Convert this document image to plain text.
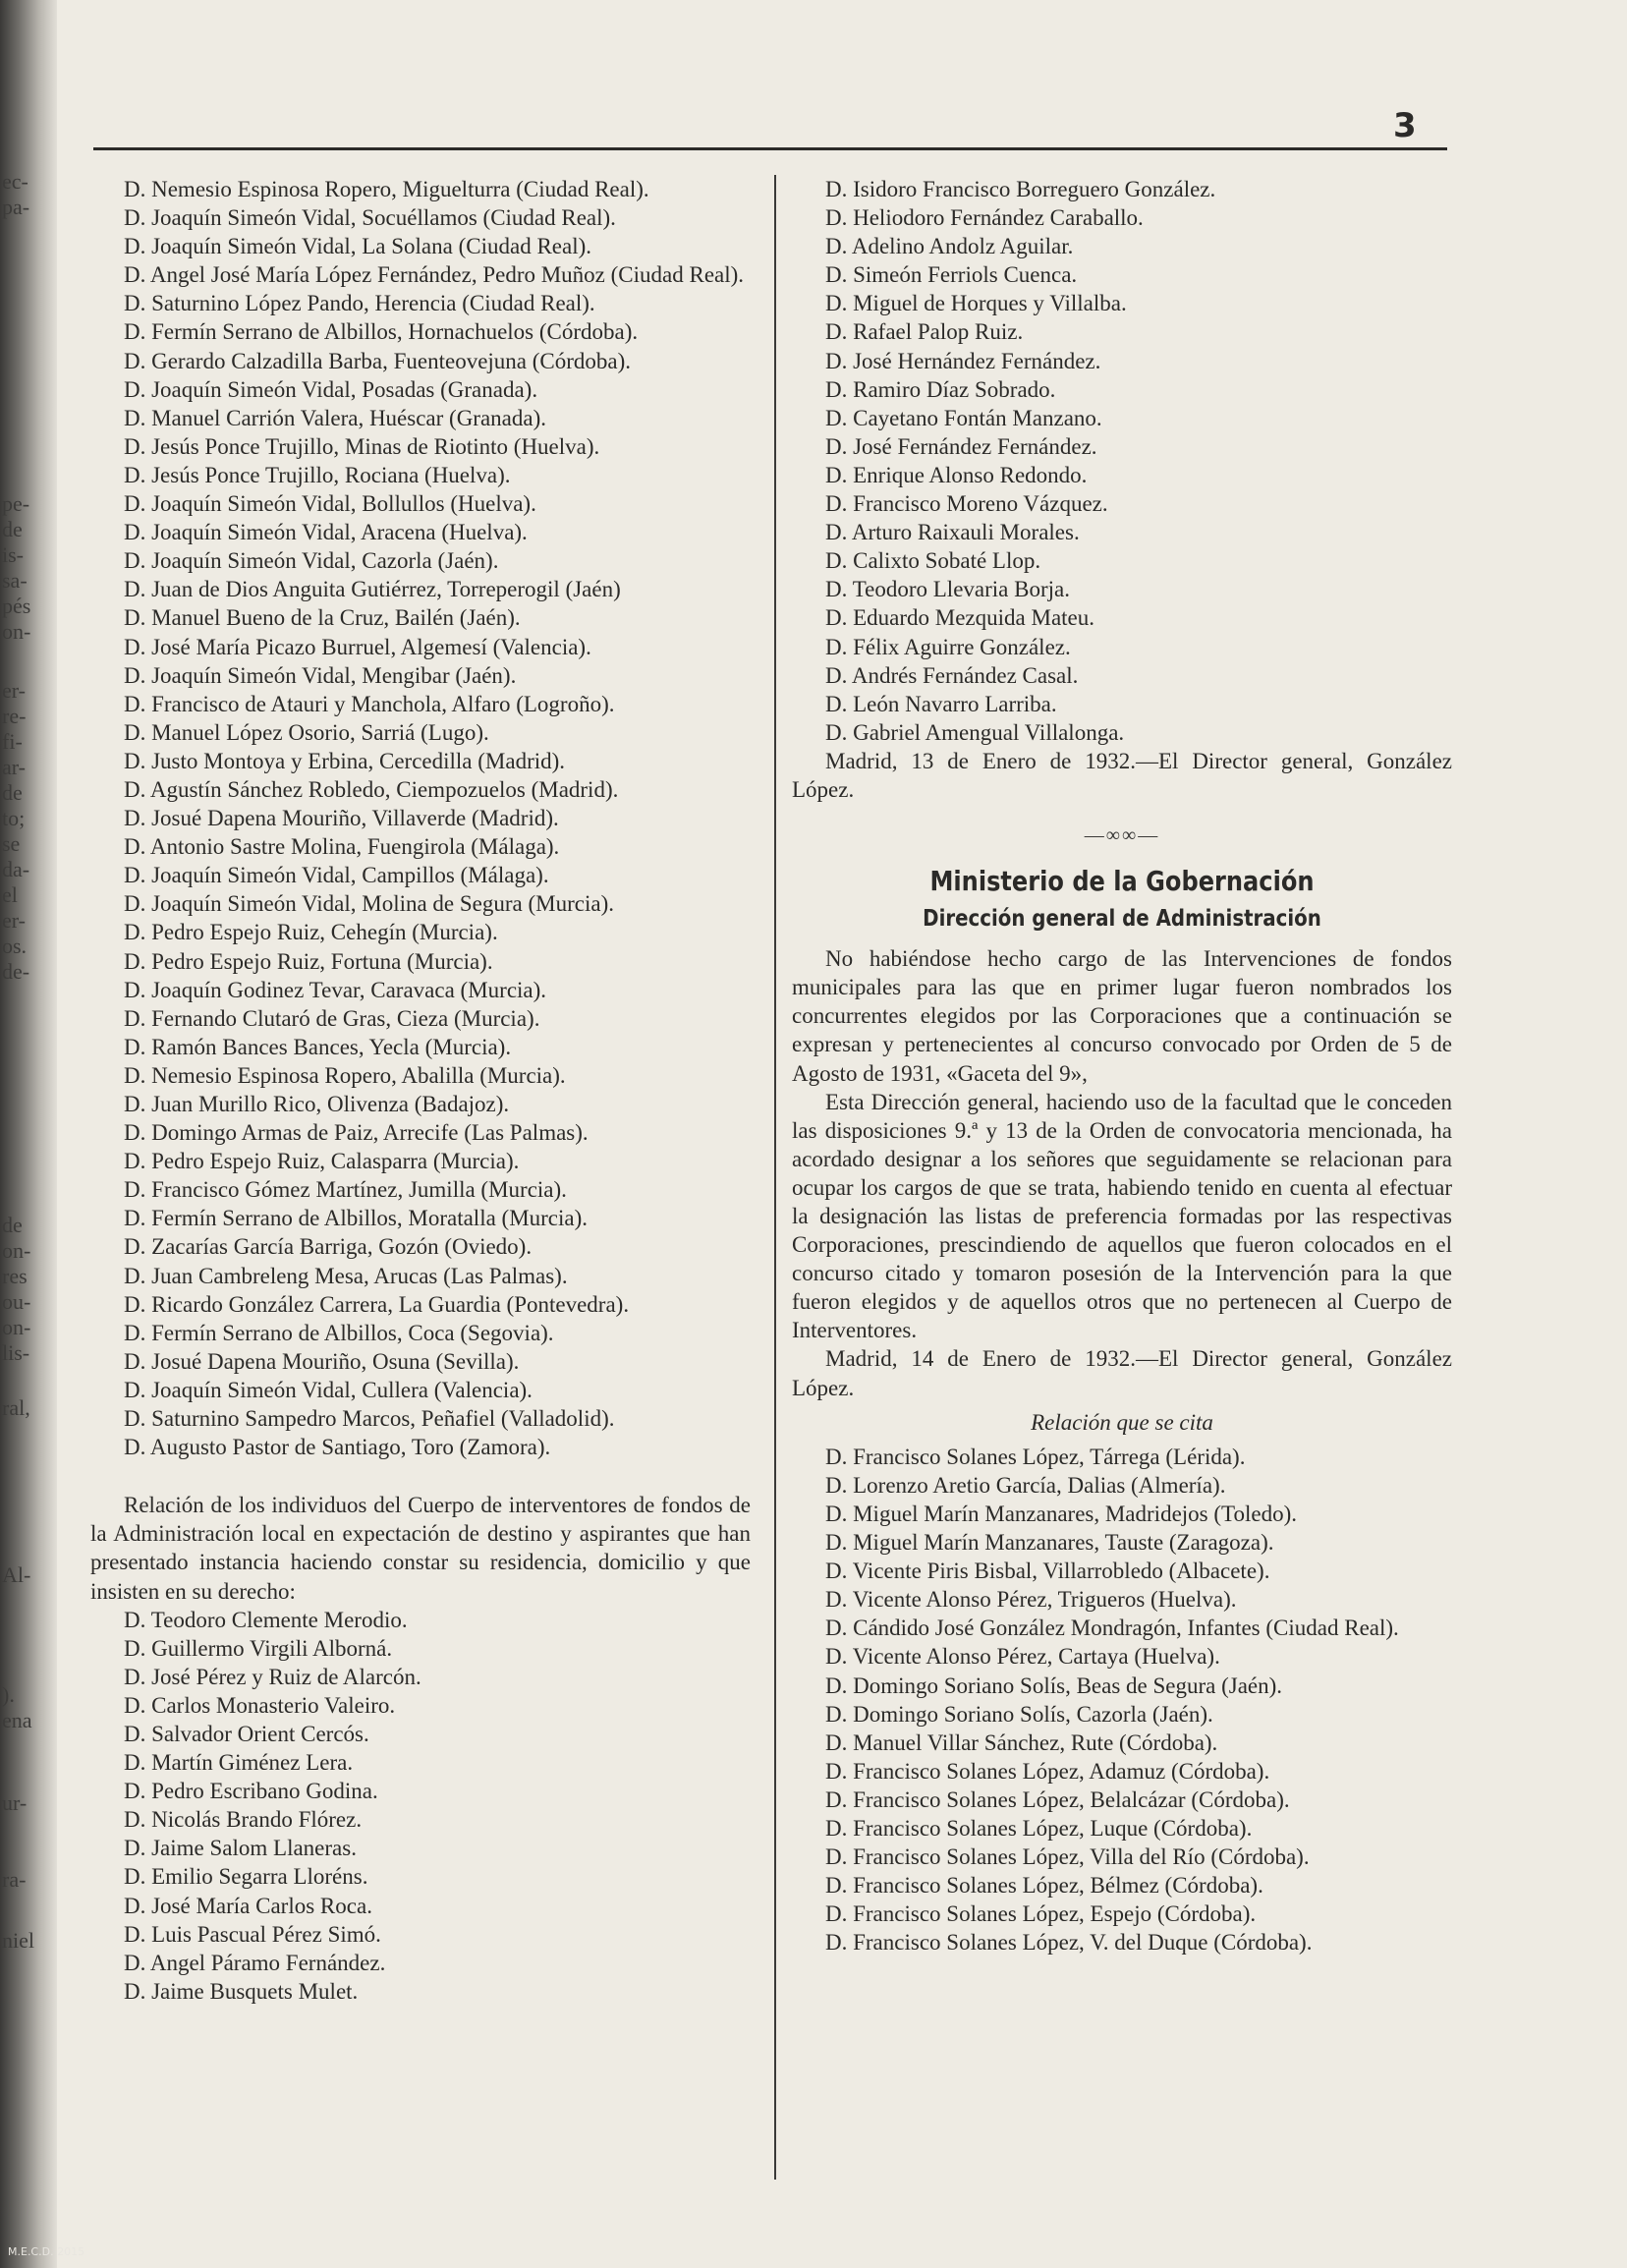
ec-
pa-
pe-
de
is-
sa-
pés
on-
er-
re-
fi-
ar-
de
to;
se
da-
el
er-
os.
de-
de
on-
res
ou-
on-
lis-
ral,
Al-
).
ena
ur-
ra-
niel
3
D. Nemesio Espinosa Ropero, Miguelturra (Ciudad Real).
D. Joaquín Simeón Vidal, Socuéllamos (Ciudad Real).
D. Joaquín Simeón Vidal, La Solana (Ciudad Real).
D. Angel José María López Fernández, Pedro Muñoz (Ciudad Real).
D. Saturnino López Pando, Herencia (Ciudad Real).
D. Fermín Serrano de Albillos, Hornachuelos (Córdoba).
D. Gerardo Calzadilla Barba, Fuenteovejuna (Córdoba).
D. Joaquín Simeón Vidal, Posadas (Granada).
D. Manuel Carrión Valera, Huéscar (Granada).
D. Jesús Ponce Trujillo, Minas de Riotinto (Huelva).
D. Jesús Ponce Trujillo, Rociana (Huelva).
D. Joaquín Simeón Vidal, Bollullos (Huelva).
D. Joaquín Simeón Vidal, Aracena (Huelva).
D. Joaquín Simeón Vidal, Cazorla (Jaén).
D. Juan de Dios Anguita Gutiérrez, Torreperogil (Jaén)
D. Manuel Bueno de la Cruz, Bailén (Jaén).
D. José María Picazo Burruel, Algemesí (Valencia).
D. Joaquín Simeón Vidal, Mengibar (Jaén).
D. Francisco de Atauri y Manchola, Alfaro (Logroño).
D. Manuel López Osorio, Sarriá (Lugo).
D. Justo Montoya y Erbina, Cercedilla (Madrid).
D. Agustín Sánchez Robledo, Ciempozuelos (Madrid).
D. Josué Dapena Mouriño, Villaverde (Madrid).
D. Antonio Sastre Molina, Fuengirola (Málaga).
D. Joaquín Simeón Vidal, Campillos (Málaga).
D. Joaquín Simeón Vidal, Molina de Segura (Murcia).
D. Pedro Espejo Ruiz, Cehegín (Murcia).
D. Pedro Espejo Ruiz, Fortuna (Murcia).
D. Joaquín Godinez Tevar, Caravaca (Murcia).
D. Fernando Clutaró de Gras, Cieza (Murcia).
D. Ramón Bances Bances, Yecla (Murcia).
D. Nemesio Espinosa Ropero, Abalilla (Murcia).
D. Juan Murillo Rico, Olivenza (Badajoz).
D. Domingo Armas de Paiz, Arrecife (Las Palmas).
D. Pedro Espejo Ruiz, Calasparra (Murcia).
D. Francisco Gómez Martínez, Jumilla (Murcia).
D. Fermín Serrano de Albillos, Moratalla (Murcia).
D. Zacarías García Barriga, Gozón (Oviedo).
D. Juan Cambreleng Mesa, Arucas (Las Palmas).
D. Ricardo González Carrera, La Guardia (Pontevedra).
D. Fermín Serrano de Albillos, Coca (Segovia).
D. Josué Dapena Mouriño, Osuna (Sevilla).
D. Joaquín Simeón Vidal, Cullera (Valencia).
D. Saturnino Sampedro Marcos, Peñafiel (Valladolid).
D. Augusto Pastor de Santiago, Toro (Zamora).
Relación de los individuos del Cuerpo de interventores de fondos de la Administración local en expectación de destino y aspirantes que han presentado instancia haciendo constar su residencia, domicilio y que insisten en su derecho:
D. Teodoro Clemente Merodio.
D. Guillermo Virgili Alborná.
D. José Pérez y Ruiz de Alarcón.
D. Carlos Monasterio Valeiro.
D. Salvador Orient Cercós.
D. Martín Giménez Lera.
D. Pedro Escribano Godina.
D. Nicolás Brando Flórez.
D. Jaime Salom Llaneras.
D. Emilio Segarra Lloréns.
D. José María Carlos Roca.
D. Luis Pascual Pérez Simó.
D. Angel Páramo Fernández.
D. Jaime Busquets Mulet.
D. Isidoro Francisco Borreguero González.
D. Heliodoro Fernández Caraballo.
D. Adelino Andolz Aguilar.
D. Simeón Ferriols Cuenca.
D. Miguel de Horques y Villalba.
D. Rafael Palop Ruiz.
D. José Hernández Fernández.
D. Ramiro Díaz Sobrado.
D. Cayetano Fontán Manzano.
D. José Fernández Fernández.
D. Enrique Alonso Redondo.
D. Francisco Moreno Vázquez.
D. Arturo Raixauli Morales.
D. Calixto Sobaté Llop.
D. Teodoro Llevaria Borja.
D. Eduardo Mezquida Mateu.
D. Félix Aguirre González.
D. Andrés Fernández Casal.
D. León Navarro Larriba.
D. Gabriel Amengual Villalonga.
Madrid, 13 de Enero de 1932.—El Director general, González López.
—∞∞—
Ministerio de la Gobernación
Dirección general de Administración
No habiéndose hecho cargo de las Intervenciones de fondos municipales para las que en primer lugar fueron nombrados los concurrentes elegidos por las Corporaciones que a continuación se expresan y pertenecientes al concurso convocado por Orden de 5 de Agosto de 1931, «Gaceta del 9»,
Esta Dirección general, haciendo uso de la facultad que le conceden las disposiciones 9.ª y 13 de la Orden de convocatoria mencionada, ha acordado designar a los señores que seguidamente se relacionan para ocupar los cargos de que se trata, habiendo tenido en cuenta al efectuar la designación las listas de preferencia formadas por las respectivas Corporaciones, prescindiendo de aquellos que fueron colocados en el concurso citado y tomaron posesión de la Intervención para la que fueron elegidos y de aquellos otros que no pertenecen al Cuerpo de Interventores.
Madrid, 14 de Enero de 1932.—El Director general, González López.
Relación que se cita
D. Francisco Solanes López, Tárrega (Lérida).
D. Lorenzo Aretio García, Dalias (Almería).
D. Miguel Marín Manzanares, Madridejos (Toledo).
D. Miguel Marín Manzanares, Tauste (Zaragoza).
D. Vicente Piris Bisbal, Villarrobledo (Albacete).
D. Vicente Alonso Pérez, Trigueros (Huelva).
D. Cándido José González Mondragón, Infantes (Ciudad Real).
D. Vicente Alonso Pérez, Cartaya (Huelva).
D. Domingo Soriano Solís, Beas de Segura (Jaén).
D. Domingo Soriano Solís, Cazorla (Jaén).
D. Manuel Villar Sánchez, Rute (Córdoba).
D. Francisco Solanes López, Adamuz (Córdoba).
D. Francisco Solanes López, Belalcázar (Córdoba).
D. Francisco Solanes López, Luque (Córdoba).
D. Francisco Solanes López, Villa del Río (Córdoba).
D. Francisco Solanes López, Bélmez (Córdoba).
D. Francisco Solanes López, Espejo (Córdoba).
D. Francisco Solanes López, V. del Duque (Córdoba).
M.E.C.D. 2015
